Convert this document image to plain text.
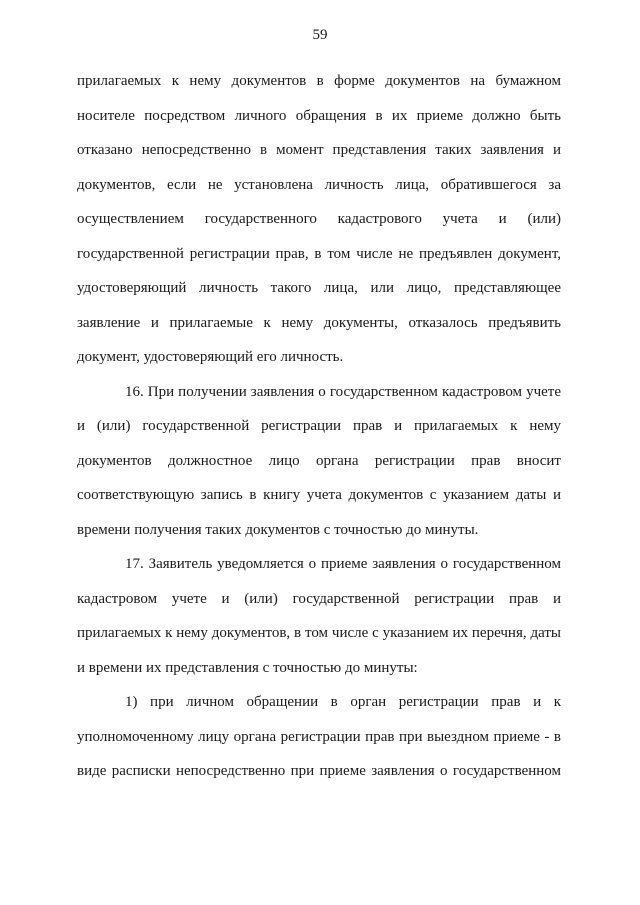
59

прилагаемых к нему документов в форме документов на бумажном
носителе посредством личного обращения в их приеме должно быть
отказано непосредственно в момент представления таких заявления и
документов, если не установлена личность лица, обратившегося за
осуществлением государственного кадастрового учета и (или)
государственной регистрации прав, в том числе не предъявлен документ,
удостоверяющий личность такого лица, или лицо, представляющее
заявление и прилагаемые к нему документы, отказалось предъявить
документ, удостоверяющий его личность.

16. При получении заявления о государственном кадастровом учете
и (или) государственной регистрации прав и прилагаемых к нему
документов должностное лицо органа регистрации прав вносит
соответствующую запись в книгу учета документов с указанием даты и
времени получения таких документов с точностью до минуты.

17. Заявитель уведомляется о приеме заявления о государственном
кадастровом учете и (или) государственной регистрации прав и
прилагаемых к нему документов, в том числе с указанием их перечня, даты
и времени их представления с точностью до минуты:

1) при личном обращении в орган регистрации прав и к
уполномоченному лицу органа регистрации прав при выездном приеме - в
виде расписки непосредственно при приеме заявления о государственном
